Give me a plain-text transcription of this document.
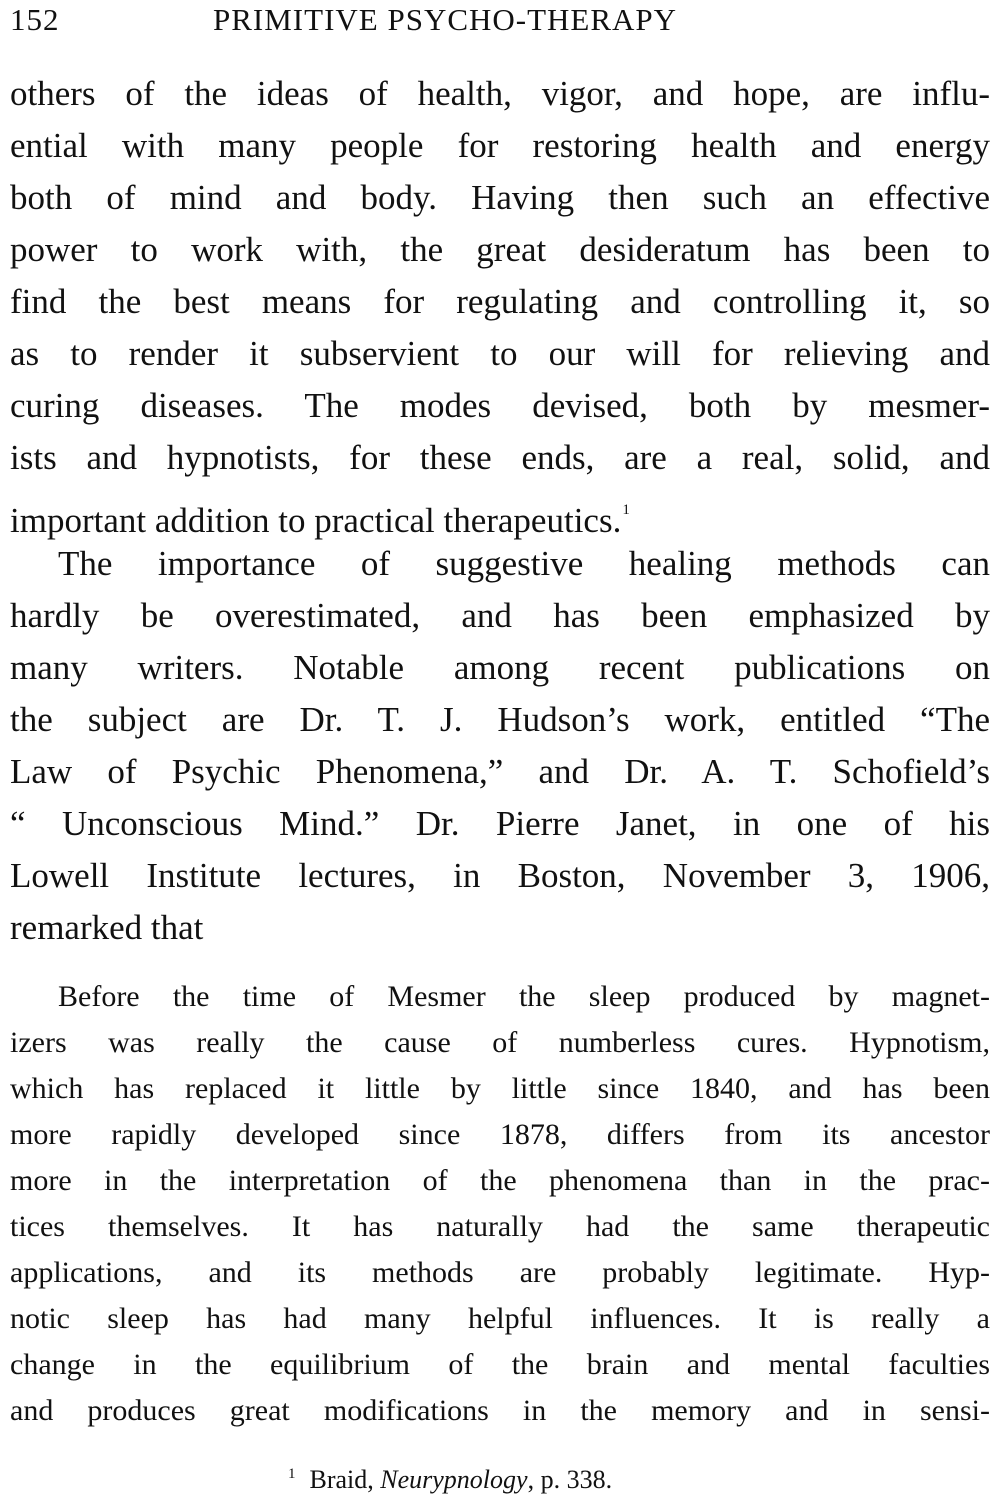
152	PRIMITIVE PSYCHO-THERAPY
others of the ideas of health, vigor, and hope, are influ-
ential with many people for restoring health and energy
both of mind and body. Having then such an effective
power to work with, the great desideratum has been to
find the best means for regulating and controlling it, so
as to render it subservient to our will for relieving and
curing diseases. The modes devised, both by mesmer-
ists and hypnotists, for these ends, are a real, solid, and
important addition to practical therapeutics.$^1$
The importance of suggestive healing methods can
hardly be overestimated, and has been emphasized by
many writers. Notable among recent publications on
the subject are Dr. T. J. Hudson’s work, entitled “The
Law of Psychic Phenomena,” and Dr. A. T. Schofield’s
“ Unconscious Mind.” Dr. Pierre Janet, in one of his
Lowell Institute lectures, in Boston, November 3, 1906,
remarked that
Before the time of Mesmer the sleep produced by magnet-
izers was really the cause of numberless cures. Hypnotism,
which has replaced it little by little since 1840, and has been
more rapidly developed since 1878, differs from its ancestor
more in the interpretation of the phenomena than in the prac-
tices themselves. It has naturally had the same therapeutic
applications, and its methods are probably legitimate. Hyp-
notic sleep has had many helpful influences. It is really a
change in the equilibrium of the brain and mental faculties
and produces great modifications in the memory and in sensi-
$^1$ Braid, Neurypnology, p. 338.
